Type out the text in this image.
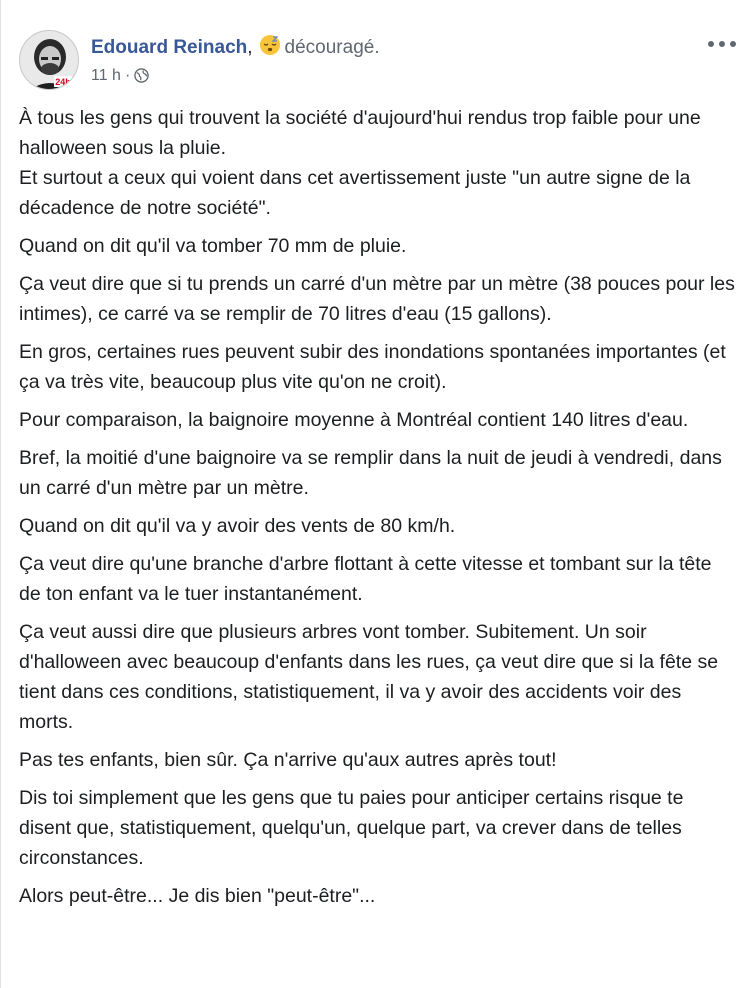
24h
Edouard Reinach, découragé.
11 h ·

À tous les gens qui trouvent la société d'aujourd'hui rendus trop faible pour une halloween sous la pluie.
Et surtout a ceux qui voient dans cet avertissement juste "un autre signe de la décadence de notre société".

Quand on dit qu'il va tomber 70 mm de pluie.

Ça veut dire que si tu prends un carré d'un mètre par un mètre (38 pouces pour les intimes), ce carré va se remplir de 70 litres d'eau (15 gallons).

En gros, certaines rues peuvent subir des inondations spontanées importantes (et ça va très vite, beaucoup plus vite qu'on ne croit).

Pour comparaison, la baignoire moyenne à Montréal contient 140 litres d'eau.

Bref, la moitié d'une baignoire va se remplir dans la nuit de jeudi à vendredi, dans un carré d'un mètre par un mètre.

Quand on dit qu'il va y avoir des vents de 80 km/h.

Ça veut dire qu'une branche d'arbre flottant à cette vitesse et tombant sur la tête de ton enfant va le tuer instantanément.

Ça veut aussi dire que plusieurs arbres vont tomber. Subitement. Un soir d'halloween avec beaucoup d'enfants dans les rues, ça veut dire que si la fête se tient dans ces conditions, statistiquement, il va y avoir des accidents voir des morts.

Pas tes enfants, bien sûr. Ça n'arrive qu'aux autres après tout!

Dis toi simplement que les gens que tu paies pour anticiper certains risque te disent que, statistiquement, quelqu'un, quelque part, va crever dans de telles circonstances.

Alors peut-être... Je dis bien "peut-être"...
